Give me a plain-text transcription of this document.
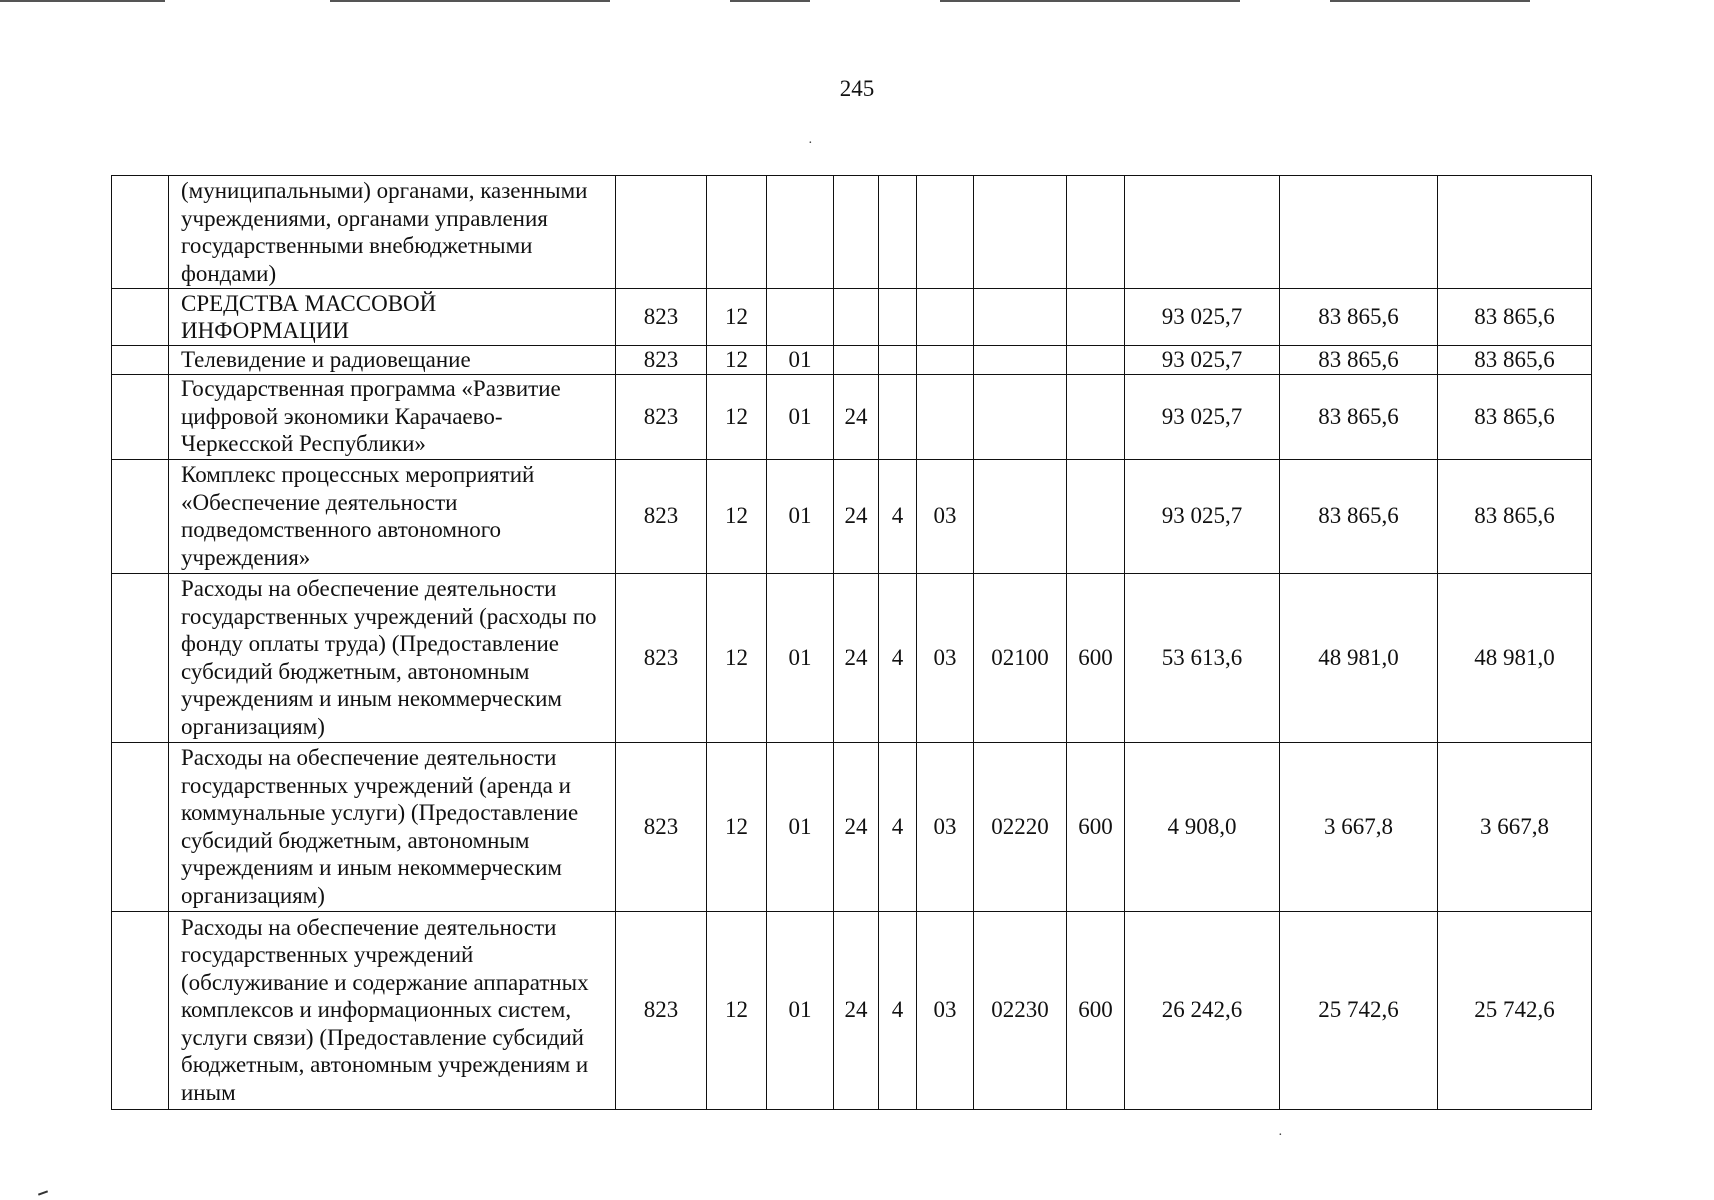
245
·
·
	(муниципальными) органами, казенными учреждениями, органами управления государственными внебюджетными фондами)											
	СРЕДСТВА МАССОВОЙ ИНФОРМАЦИИ	823	12							93 025,7	83 865,6	83 865,6
	Телевидение и радиовещание	823	12	01						93 025,7	83 865,6	83 865,6
	Государственная программа «Развитие цифровой экономики Карачаево-Черкесской Республики»	823	12	01	24					93 025,7	83 865,6	83 865,6
	Комплекс процессных мероприятий «Обеспечение деятельности подведомственного автономного учреждения»	823	12	01	24	4	03			93 025,7	83 865,6	83 865,6
	Расходы на обеспечение деятельности государственных учреждений (расходы по фонду оплаты труда) (Предоставление субсидий бюджетным, автономным учреждениям и иным некоммерческим организациям)	823	12	01	24	4	03	02100	600	53 613,6	48 981,0	48 981,0
	Расходы на обеспечение деятельности государственных учреждений (аренда и коммунальные услуги) (Предоставление субсидий бюджетным, автономным учреждениям и иным некоммерческим организациям)	823	12	01	24	4	03	02220	600	4 908,0	3 667,8	3 667,8
	Расходы на обеспечение деятельности государственных учреждений (обслуживание и содержание аппаратных комплексов и информационных систем, услуги связи) (Предоставление субсидий бюджетным, автономным учреждениям и иным	823	12	01	24	4	03	02230	600	26 242,6	25 742,6	25 742,6
